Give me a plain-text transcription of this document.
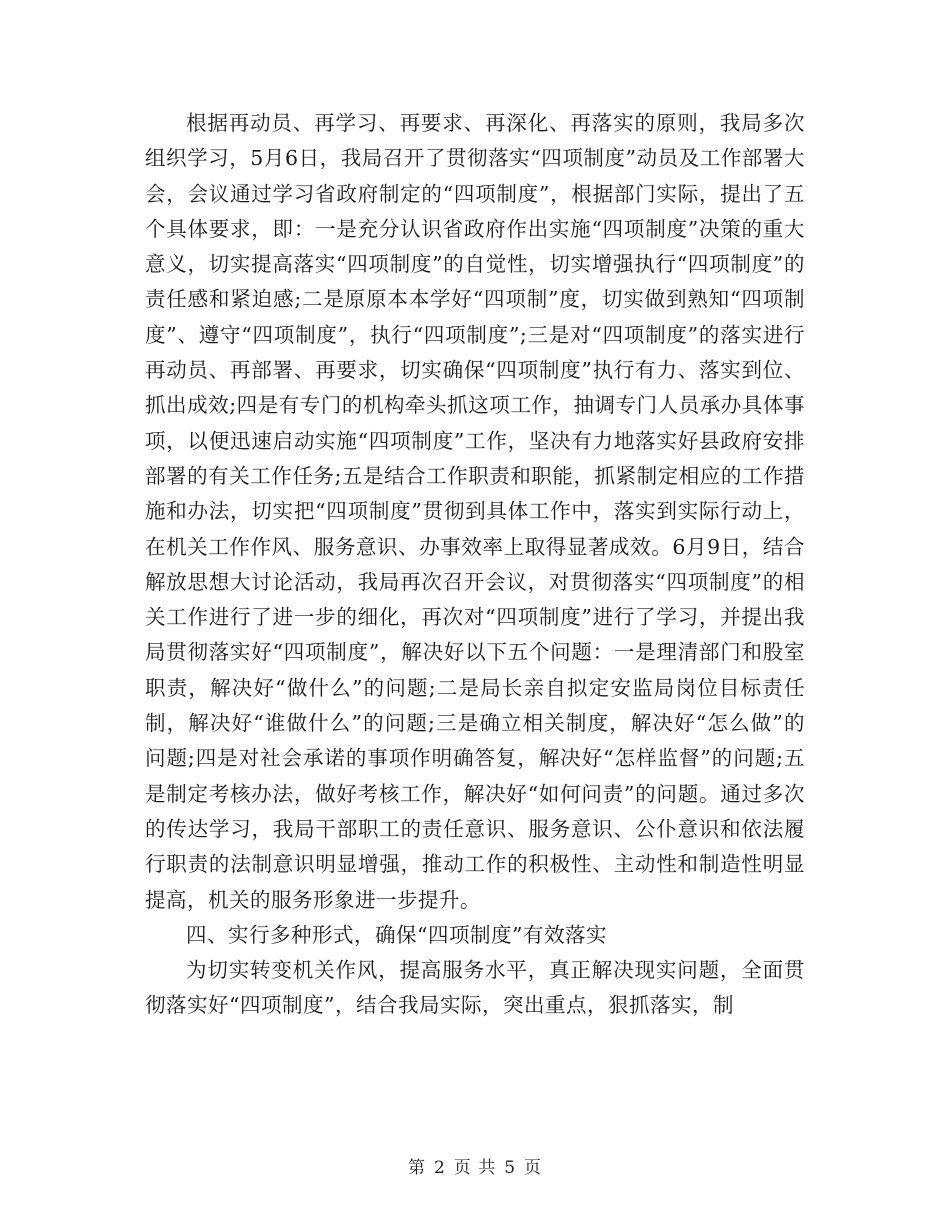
根据再动员、再学习、再要求、再深化、再落实的原则，我局多次组织学习，5月6日，我局召开了贯彻落实“四项制度”动员及工作部署大会，会议通过学习省政府制定的“四项制度”，根据部门实际，提出了五个具体要求，即：一是充分认识省政府作出实施“四项制度”决策的重大意义，切实提高落实“四项制度”的自觉性，切实增强执行“四项制度”的责任感和紧迫感;二是原原本本学好“四项制”度，切实做到熟知“四项制度”、遵守“四项制度”，执行“四项制度”;三是对“四项制度”的落实进行再动员、再部署、再要求，切实确保“四项制度”执行有力、落实到位、抓出成效;四是有专门的机构牵头抓这项工作，抽调专门人员承办具体事项，以便迅速启动实施“四项制度”工作，坚决有力地落实好县政府安排部署的有关工作任务;五是结合工作职责和职能，抓紧制定相应的工作措施和办法，切实把“四项制度”贯彻到具体工作中，落实到实际行动上，在机关工作作风、服务意识、办事效率上取得显著成效。6月9日，结合解放思想大讨论活动，我局再次召开会议，对贯彻落实“四项制度”的相关工作进行了进一步的细化，再次对“四项制度”进行了学习，并提出我局贯彻落实好“四项制度”，解决好以下五个问题：一是理清部门和股室职责，解决好“做什么”的问题;二是局长亲自拟定安监局岗位目标责任制，解决好“谁做什么”的问题;三是确立相关制度，解决好“怎么做”的问题;四是对社会承诺的事项作明确答复，解决好“怎样监督”的问题;五是制定考核办法，做好考核工作，解决好“如何问责”的问题。通过多次的传达学习，我局干部职工的责任意识、服务意识、公仆意识和依法履行职责的法制意识明显增强，推动工作的积极性、主动性和制造性明显提高，机关的服务形象进一步提升。

四、实行多种形式，确保“四项制度”有效落实

为切实转变机关作风，提高服务水平，真正解决现实问题，全面贯彻落实好“四项制度”，结合我局实际，突出重点，狠抓落实，制

第 2 页 共 5 页
